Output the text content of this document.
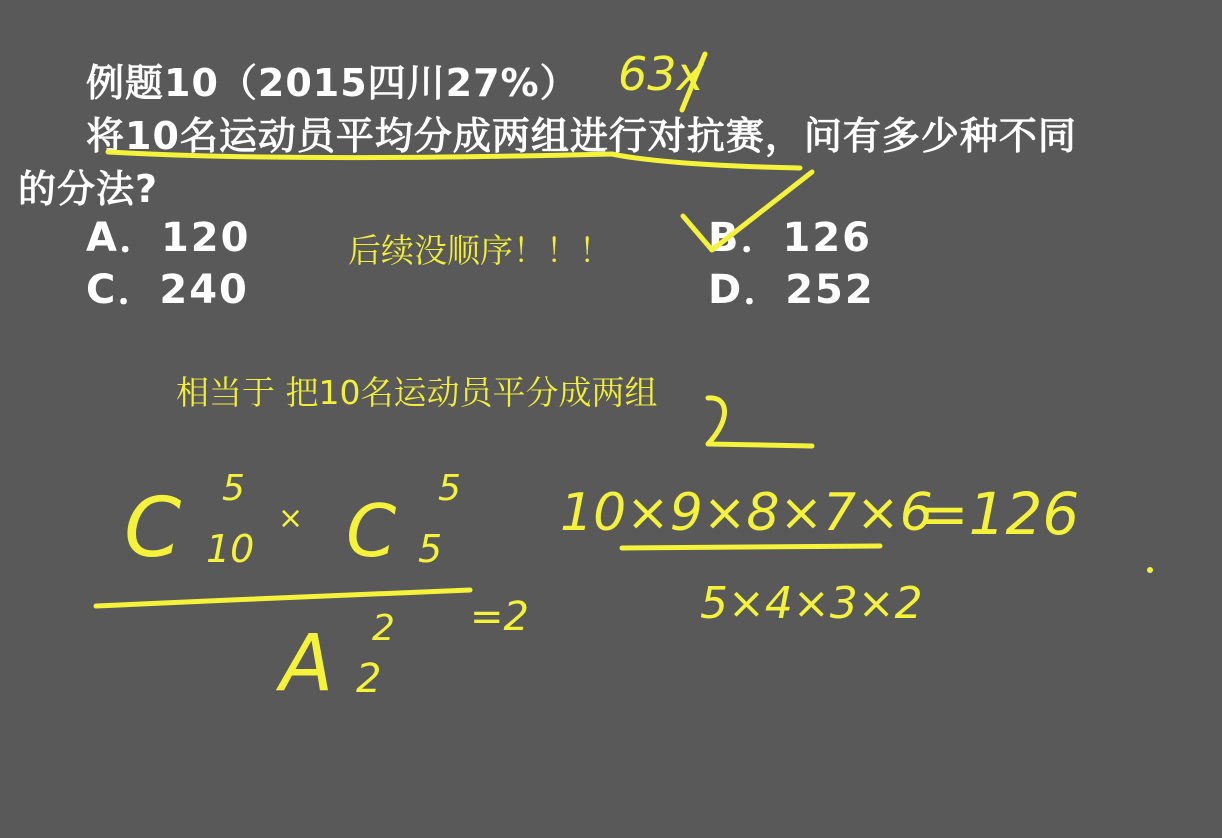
例题10（2015四川27%）
将10名运动员平均分成两组进行对抗赛，问有多少种不同
的分法?
A．120	B．126
C．240	D．252
后续没顺序！！！
相当于 把10名运动员平分成两组
63x
C 5
10
× C
5
5
=2
A 2
2
10×9×8×7×6
5×4×3×2
=126
